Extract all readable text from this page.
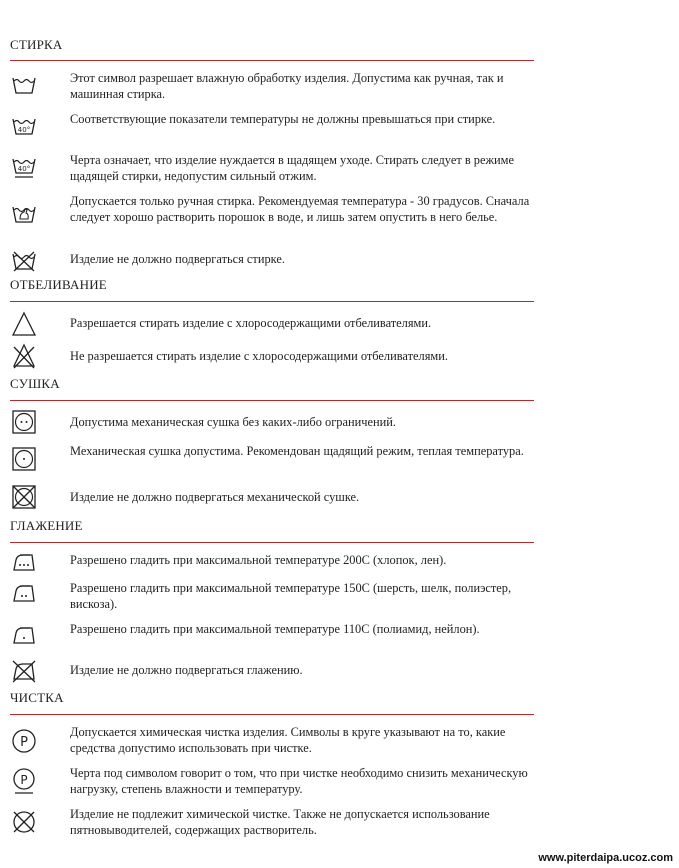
СТИРКА
Этот символ разрешает влажную обработку изделия. Допустима как ручная, так и машинная стирка.
40°
Соответствующие показатели температуры не должны превышаться при стирке.
40°
Черта означает, что изделие нуждается в щадящем уходе. Стирать следует в режиме щадящей стирки, недопустим сильный отжим.
Допускается только ручная стирка. Рекомендуемая температура - 30 градусов. Сначала следует хорошо растворить порошок в воде, и лишь затем опустить в него белье.
Изделие не должно подвергаться стирке.
ОТБЕЛИВАНИЕ
Разрешается стирать изделие с хлоросодержащими отбеливателями.
Не разрешается стирать изделие с хлоросодержащими отбеливателями.
СУШКА
Допустима механическая сушка без каких-либо ограничений.
Механическая сушка допустима. Рекомендован щадящий режим, теплая температура.
Изделие не должно подвергаться механической сушке.
ГЛАЖЕНИЕ
Разрешено гладить при максимальной температуре 200С (хлопок, лен).
Разрешено гладить при максимальной температуре 150С (шерсть, шелк, полиэстер, вискоза).
Разрешено гладить при максимальной температуре 110С (полиамид, нейлон).
Изделие не должно подвергаться глажению.
ЧИСТКА
P
Допускается химическая чистка изделия. Символы в круге указывают на то, какие средства допустимо использовать при чистке.
P	Черта под символом говорит о том, что при чистке необходимо снизить механическую нагрузку, степень влажности и температуру.
Изделие не подлежит химической чистке. Также не допускается использование пятновыводителей, содержащих растворитель.
www.piterdaipa.ucoz.com
